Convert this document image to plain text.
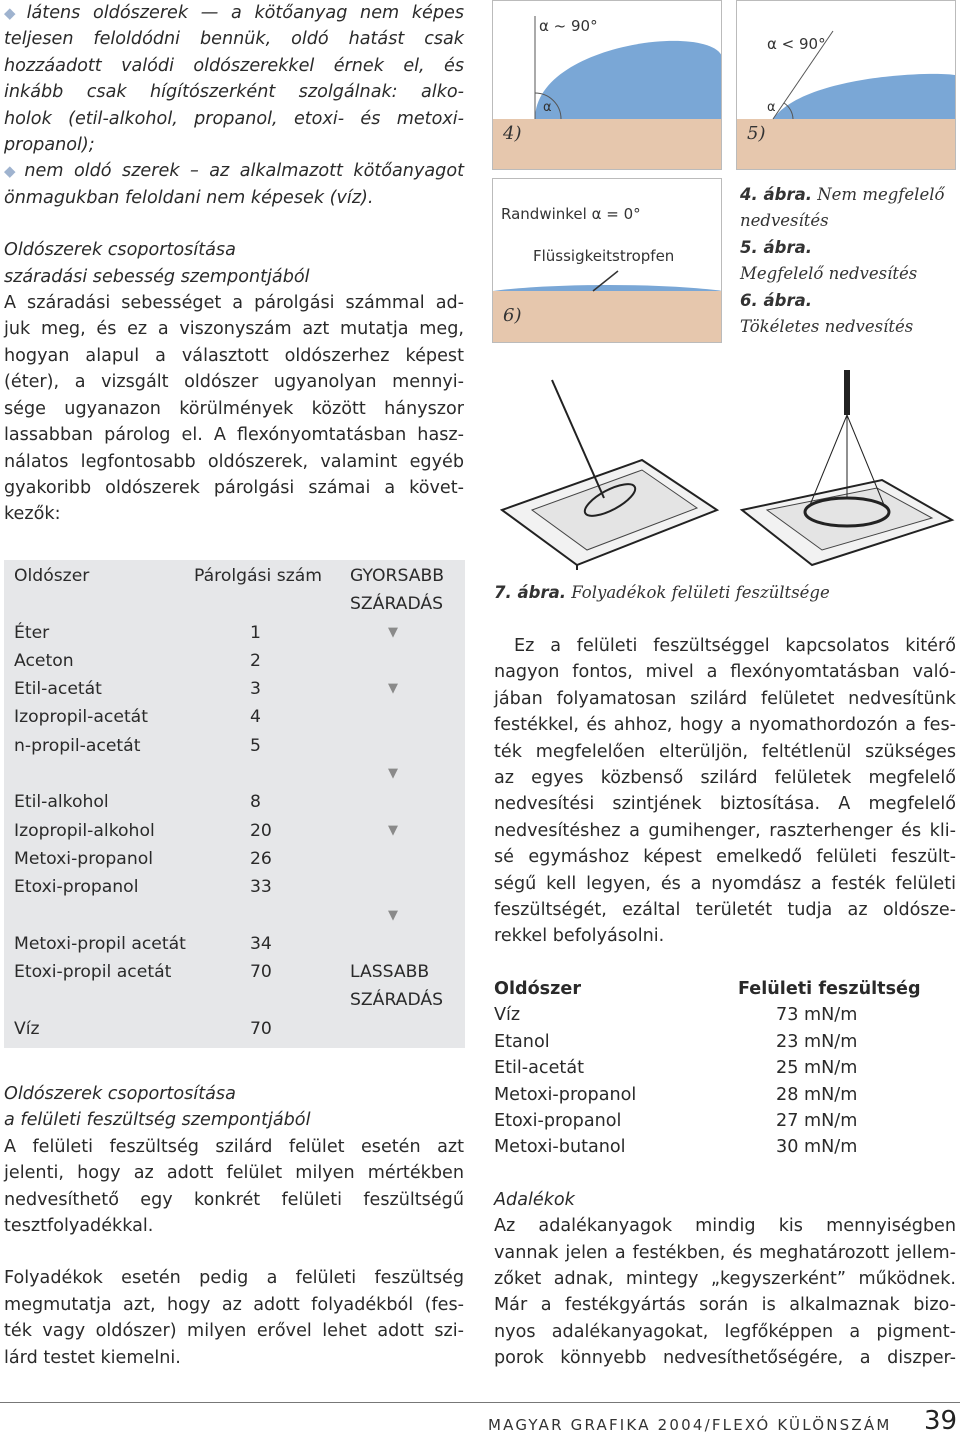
◆ látens oldószerek — a kötőanyag nem képes

teljesen feloldódni bennük, oldó hatást csak

hozzáadott valódi oldószerekkel érnek el, és

inkább csak hígítószerként szolgálnak: alko-

holok (etil-alkohol, propanol, etoxi- és metoxi-

propanol);

◆ nem oldó szerek – az alkalmazott kötőanyagot

önmagukban feloldani nem képesek (víz).

Oldószerek csoportosítása

száradási sebesség szempontjából

A száradási sebességet a párolgási számmal ad-

juk meg, és ez a viszonyszám azt mutatja meg,

hogyan alapul a választott oldószerhez képest

(éter), a vizsgált oldószer ugyanolyan mennyi-

sége ugyanazon körülmények között hányszor

lassabban párolog el. A flexónyomtatásban hasz-

nálatos legfontosabb oldószerek, valamint egyéb

gyakoribb oldószerek párolgási számai a követ-

kezők:

Oldószer	Párolgási szám	GYORSABB
SZÁRADÁS
Éter	1	▼
Aceton	2
Etil-acetát	3	▼
Izopropil-acetát	4
n-propil-acetát	5
▼
Etil-alkohol	8
Izopropil-alkohol	20	▼
Metoxi-propanol	26
Etoxi-propanol	33
▼
Metoxi-propil acetát	34
Etoxi-propil acetát	70	LASSABB
SZÁRADÁS
Víz	70

Oldószerek csoportosítása

a felületi feszültség szempontjából

A felületi feszültség szilárd felület esetén azt

jelenti, hogy az adott felület milyen mértékben

nedvesíthető egy konkrét felületi feszültségű

tesztfolyadékkal.

Folyadékok esetén pedig a felületi feszültség

megmutatja azt, hogy az adott folyadékból (fes-

ték vagy oldószer) milyen erővel lehet adott szi-

lárd testet kiemelni.

α ~ 90°
α
4)
α < 90°
α
5)
Randwinkel α = 0°
Flüssigkeitstropfen
6)
4. ábra. Nem megfelelő
nedvesítés
5. ábra.
Megfelelő nedvesítés
6. ábra.
Tökéletes nedvesítés
7. ábra. Folyadékok felületi feszültsége

Ez a felületi feszültséggel kapcsolatos kitérő

nagyon fontos, mivel a flexónyomtatásban való-

jában folyamatosan szilárd felületet nedvesítünk

festékkel, és ahhoz, hogy a nyomathordozón a fes-

ték megfelelően elterüljön, feltétlenül szükséges

az egyes közbenső szilárd felületek megfelelő

nedvesítési szintjének biztosítása. A megfelelő

nedvesítéshez a gumihenger, raszterhenger és kli-

sé egymáshoz képest emelkedő felületi feszült-

ségű kell legyen, és a nyomdász a festék felületi

feszültségét, ezáltal területét tudja az oldósze-

rekkel befolyásolni.

Oldószer	Felületi feszültség
Víz	73 mN/m
Etanol	23 mN/m
Etil-acetát	25 mN/m
Metoxi-propanol	28 mN/m
Etoxi-propanol	27 mN/m
Metoxi-butanol	30 mN/m

Adalékok

Az adalékanyagok mindig kis mennyiségben

vannak jelen a festékben, és meghatározott jellem-

zőket adnak, mintegy „kegyszerként” működnek.

Már a festékgyártás során is alkalmaznak bizo-

nyos adalékanyagokat, legfőképpen a pigment-

porok könnyebb nedvesíthetőségére, a diszper-

MAGYAR GRAFIKA 2004/FLEXÓ KÜLÖNSZÁM 39
